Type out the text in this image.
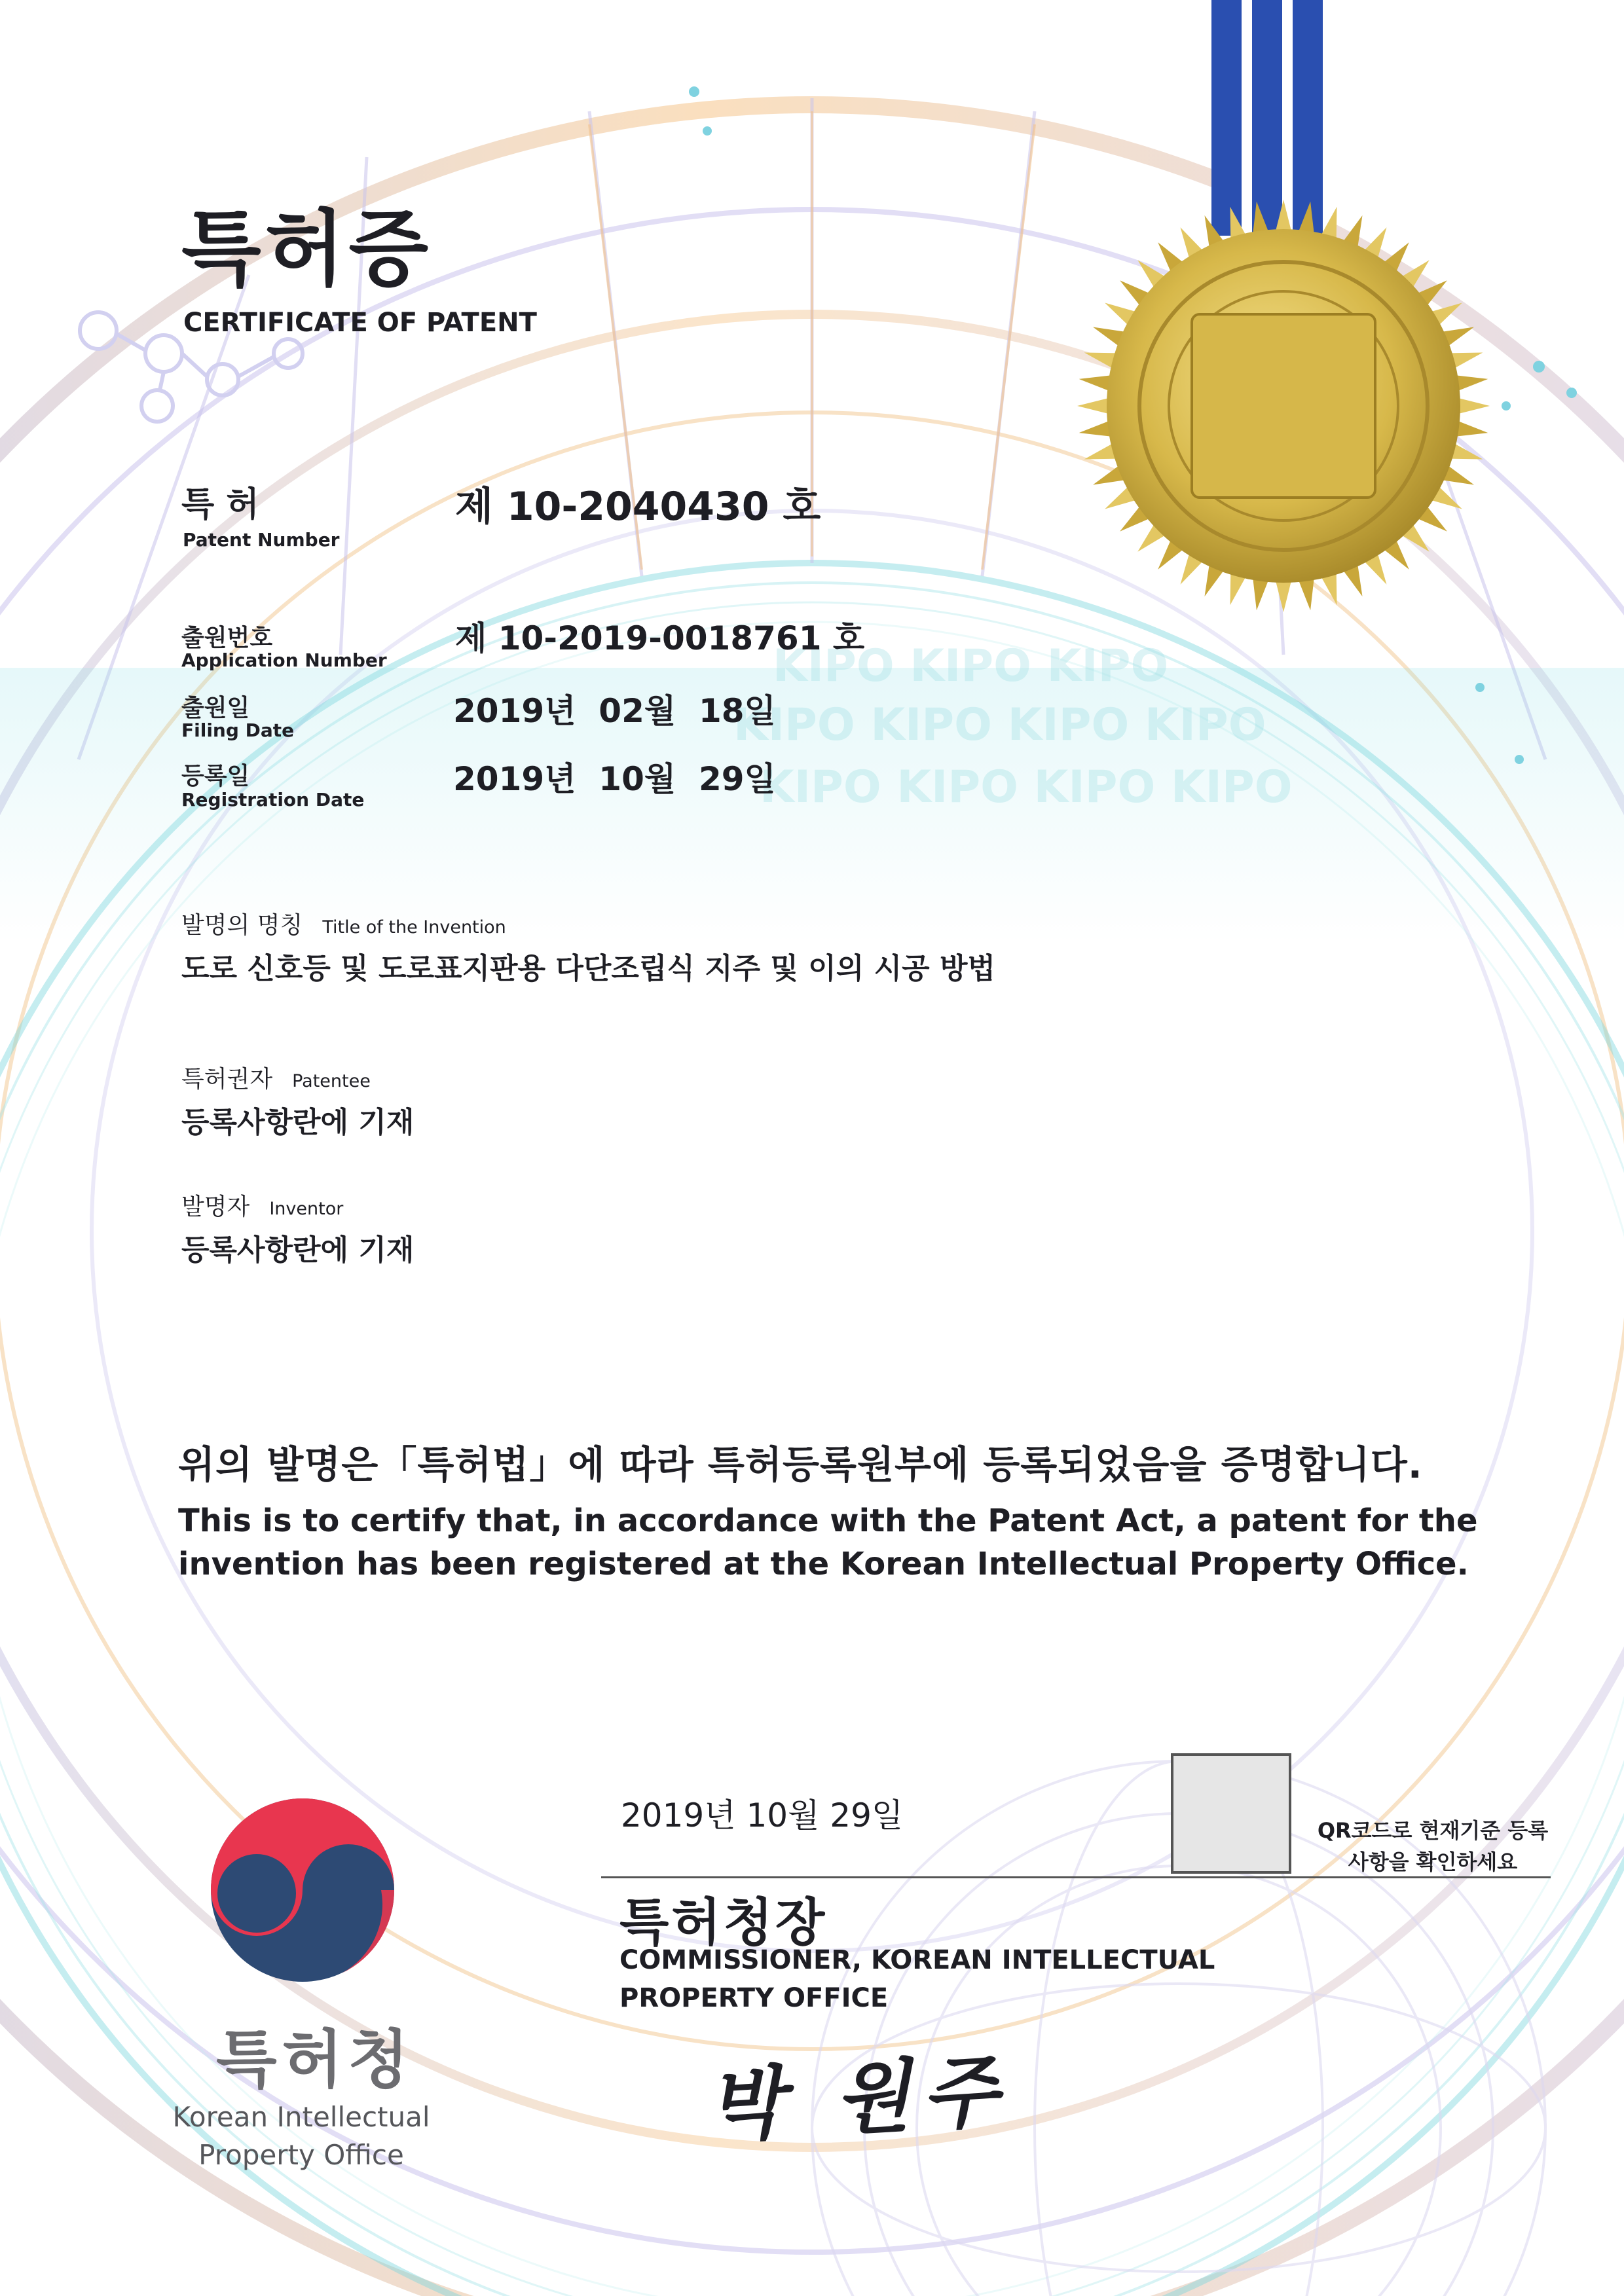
KIPO KIPO KIPO
KIPO KIPO KIPO KIPO
KIPO KIPO KIPO KIPO
특허증
CERTIFICATE OF PATENT
특 허
Patent Number
제 10-2040430 호
출원번호
Application Number
제 10-2019-0018761 호
출원일
Filing Date
2019년  02월  18일
등록일
Registration Date
2019년  10월  29일
발명의 명칭 Title of the Invention
도로 신호등 및 도로표지판용 다단조립식 지주 및 이의 시공 방법
특허권자 Patentee
등록사항란에 기재
발명자 Inventor
등록사항란에 기재
위의 발명은「특허법」에 따라 특허등록원부에 등록되었음을 증명합니다.
This is to certify that, in accordance with the Patent Act, a patent for the invention has been registered at the Korean Intellectual Property Office.
2019년 10월 29일
특허청장
COMMISSIONER, KOREAN INTELLECTUAL PROPERTY OFFICE
박 원주
QR코드로 현재기준 등록사항을 확인하세요
특허청
Korean Intellectual Property Office
